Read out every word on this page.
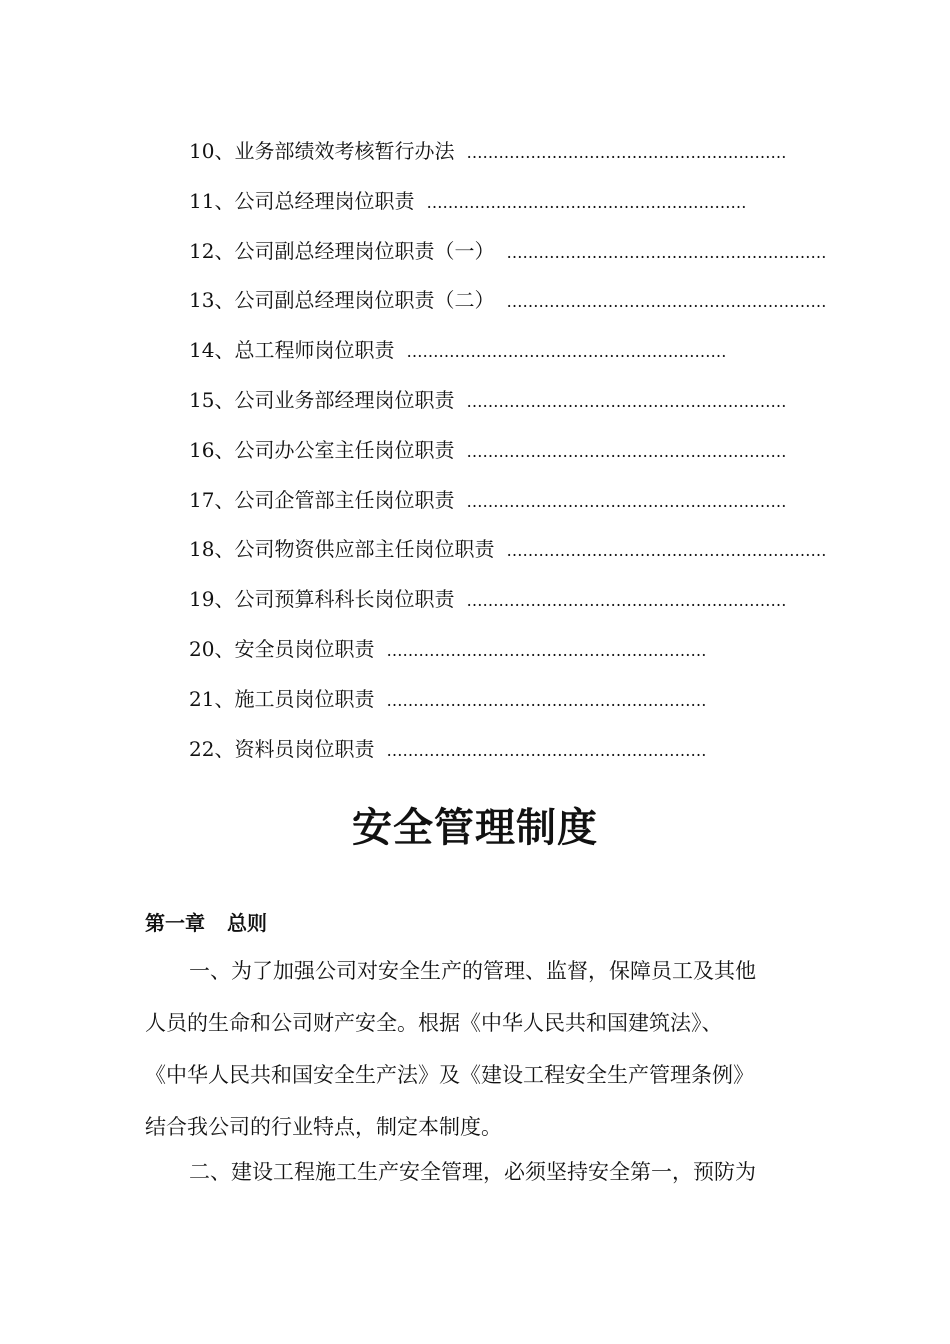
10、 业务部绩效考核暂行办法 ……………………………………………………
11、 公司总经理岗位职责 ……………………………………………………
12、 公司副总经理岗位职责（一） ……………………………………………………
13、 公司副总经理岗位职责（二） ……………………………………………………
14、 总工程师岗位职责 ……………………………………………………
15、 公司业务部经理岗位职责 ……………………………………………………
16、 公司办公室主任岗位职责 ……………………………………………………
17、 公司企管部主任岗位职责 ……………………………………………………
18、 公司物资供应部主任岗位职责 ……………………………………………………
19、 公司预算科科长岗位职责 ……………………………………………………
20、 安全员岗位职责 ……………………………………………………
21、 施工员岗位职责 ……………………………………………………
22、 资料员岗位职责 ……………………………………………………
安全管理制度
第一章 总则

一、为了加强公司对安全生产的管理、监督，保障员工及其他
人员的生命和公司财产安全。根据《中华人民共和国建筑法》、
《中华人民共和国安全生产法》及《建设工程安全生产管理条例》
结合我公司的行业特点，制定本制度。

二、建设工程施工生产安全管理，必须坚持安全第一，预防为
